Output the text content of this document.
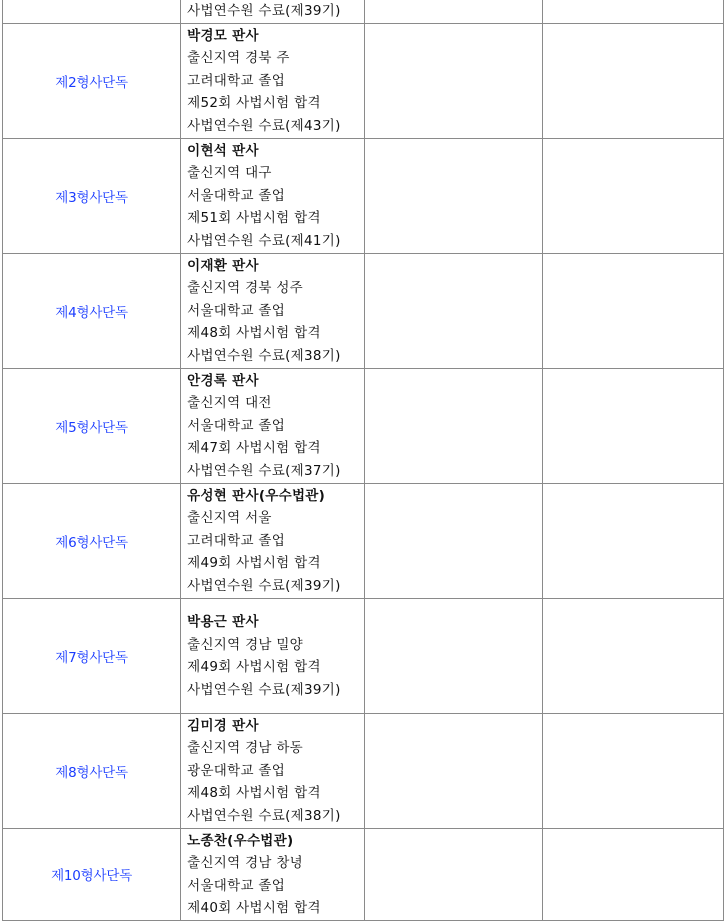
	사법연수원 수료(제39기)		

제2형사단독	박경모 판사
출신지역 경북 주
고려대학교 졸업
제52회 사법시험 합격
사법연수원 수료(제43기)		

제3형사단독	이현석 판사
출신지역 대구
서울대학교 졸업
제51회 사법시험 합격
사법연수원 수료(제41기)		

제4형사단독	이재환 판사
출신지역 경북 성주
서울대학교 졸업
제48회 사법시험 합격
사법연수원 수료(제38기)		

제5형사단독	안경록 판사
출신지역 대전
서울대학교 졸업
제47회 사법시험 합격
사법연수원 수료(제37기)		

제6형사단독	유성현 판사(우수법관)
출신지역 서울
고려대학교 졸업
제49회 사법시험 합격
사법연수원 수료(제39기)		

제7형사단독	박용근 판사
출신지역 경남 밀양
제49회 사법시험 합격
사법연수원 수료(제39기)		

제8형사단독	김미경 판사
출신지역 경남 하동
광운대학교 졸업
제48회 사법시험 합격
사법연수원 수료(제38기)		

제10형사단독	노종찬(우수법관)
출신지역 경남 창녕
서울대학교 졸업
제40회 사법시험 합격		
